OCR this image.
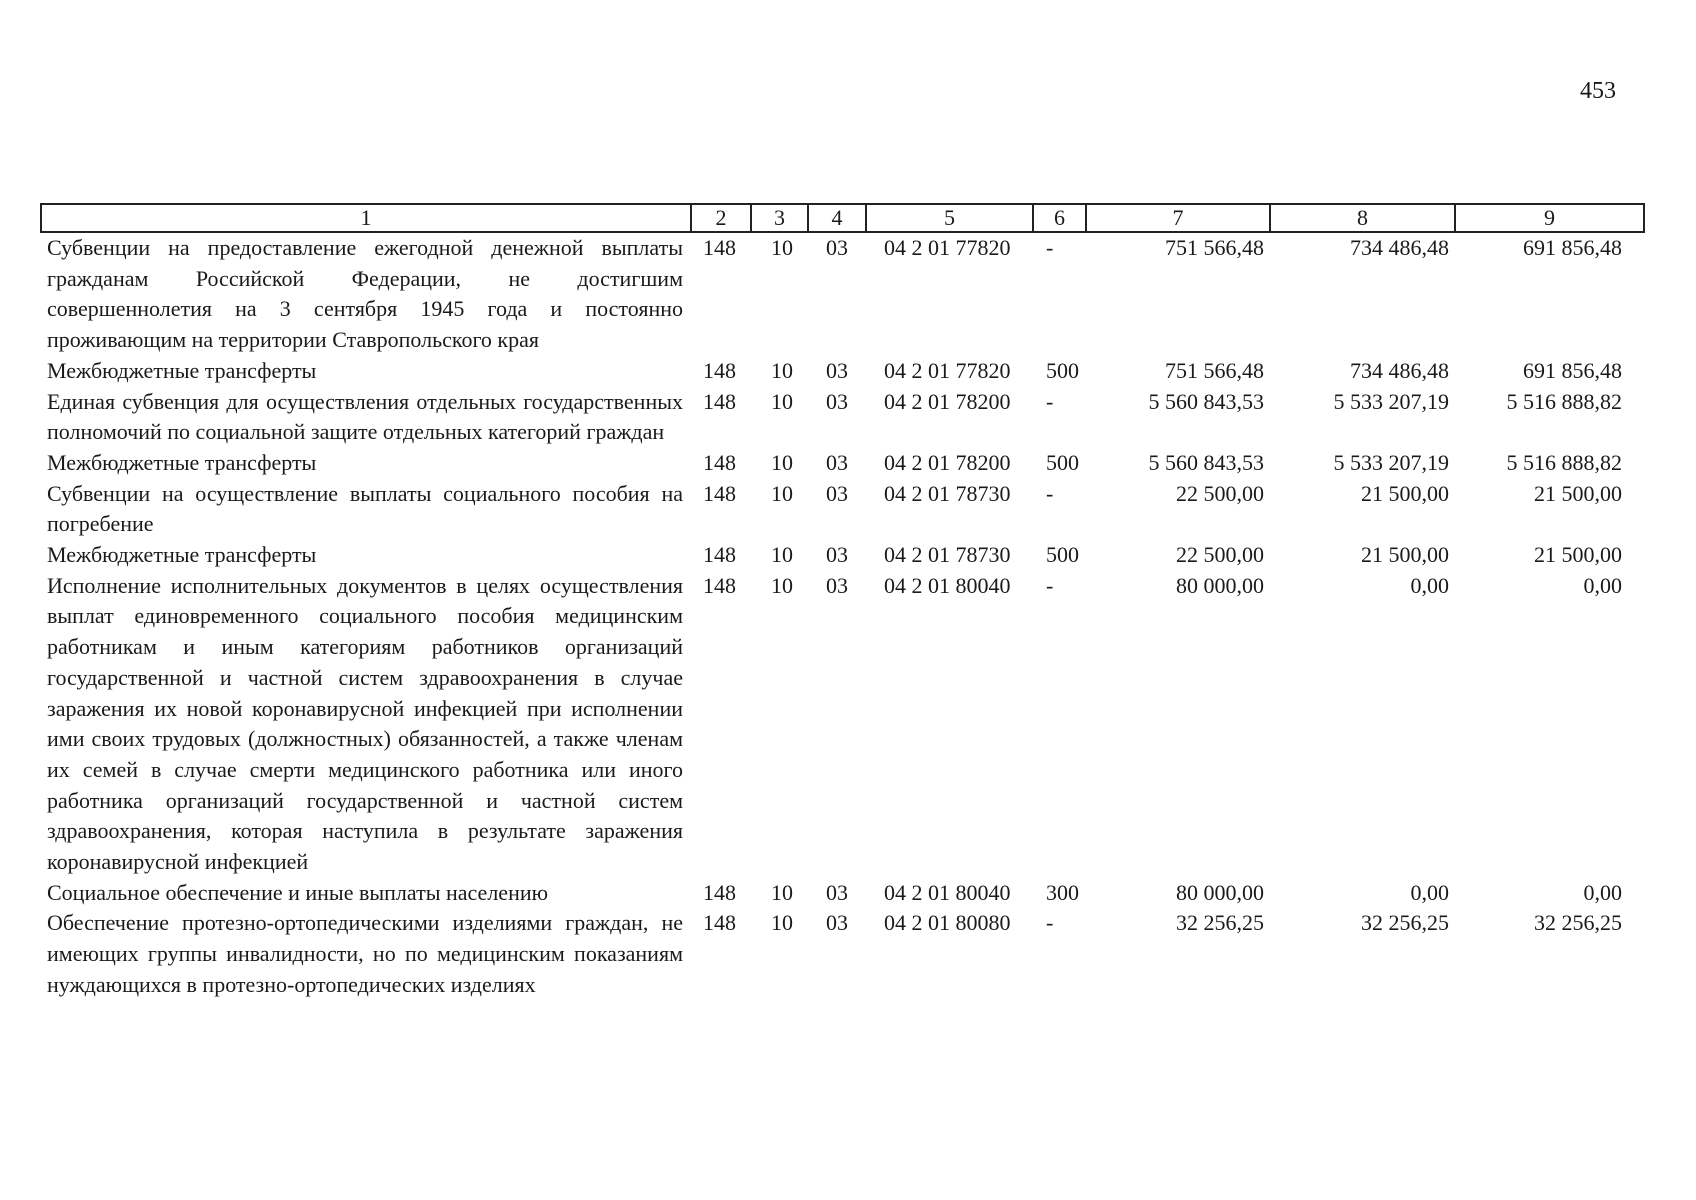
453
1	2	3	4	5	6	7	8	9
Субвенции на предоставление ежегодной денежной выплаты гражданам Российской Федерации, не достигшим совершеннолетия на 3 сентября 1945 года и постоянно проживающим на территории Ставропольского края	148	10	03	04 2 01 77820	-	751 566,48	734 486,48	691 856,48
Межбюджетные трансферты	148	10	03	04 2 01 77820	500	751 566,48	734 486,48	691 856,48
Единая субвенция для осуществления отдельных государственных полномочий по социальной защите отдельных категорий граждан	148	10	03	04 2 01 78200	-	5 560 843,53	5 533 207,19	5 516 888,82
Межбюджетные трансферты	148	10	03	04 2 01 78200	500	5 560 843,53	5 533 207,19	5 516 888,82
Субвенции на осуществление выплаты социального пособия на погребение	148	10	03	04 2 01 78730	-	22 500,00	21 500,00	21 500,00
Межбюджетные трансферты	148	10	03	04 2 01 78730	500	22 500,00	21 500,00	21 500,00
Исполнение исполнительных документов в целях осуществления выплат единовременного социального пособия медицинским работникам и иным категориям работников организаций государственной и частной систем здравоохранения в случае заражения их новой коронавирусной инфекцией при исполнении ими своих трудовых (должностных) обязанностей, а также членам их семей в случае смерти медицинского работника или иного работника организаций государственной и частной систем здравоохранения, которая наступила в результате заражения коронавирусной инфекцией	148	10	03	04 2 01 80040	-	80 000,00	0,00	0,00
Социальное обеспечение и иные выплаты населению	148	10	03	04 2 01 80040	300	80 000,00	0,00	0,00
Обеспечение протезно-ортопедическими изделиями граждан, не имеющих группы инвалидности, но по медицинским показаниям нуждающихся в протезно-ортопедических изделиях	148	10	03	04 2 01 80080	-	32 256,25	32 256,25	32 256,25
